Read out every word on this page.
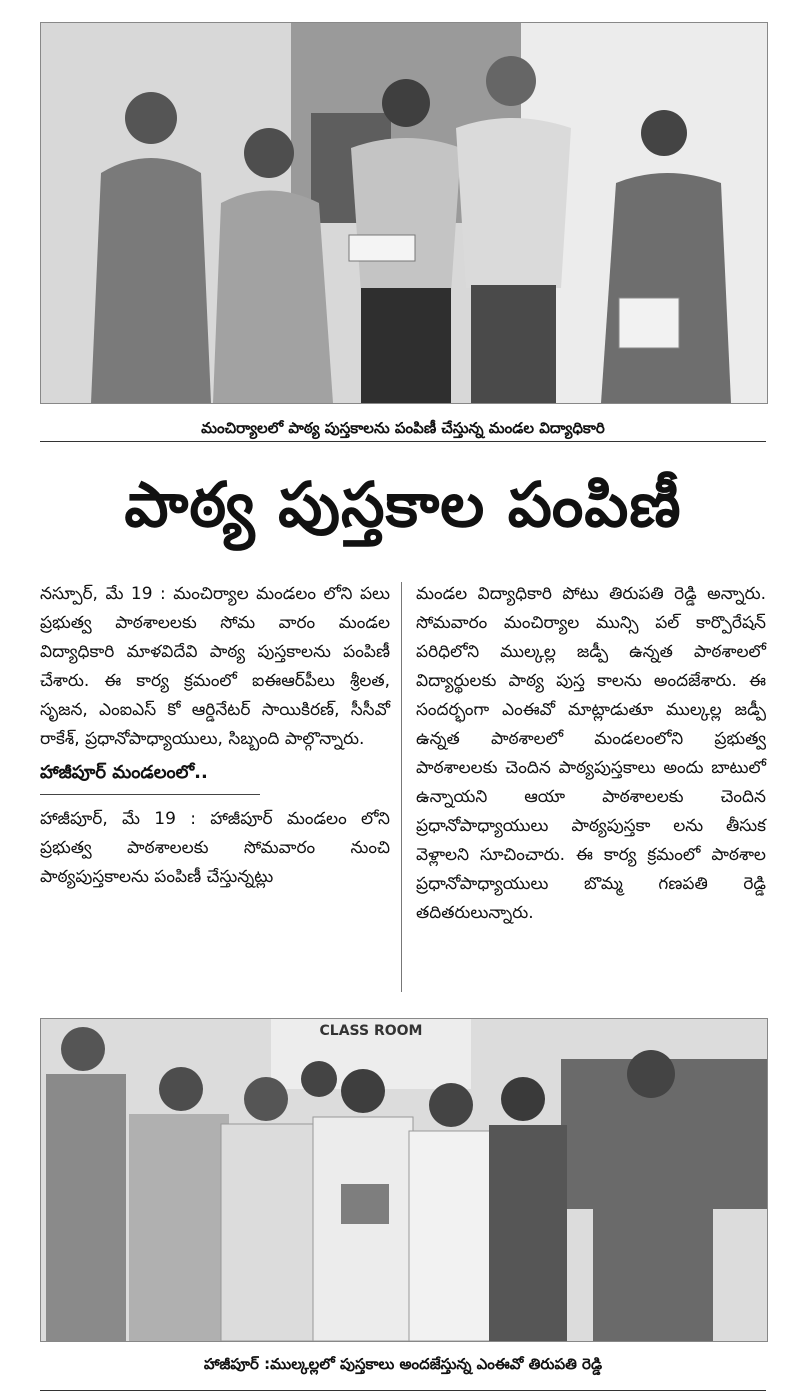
మంచిర్యాలలో పాఠ్య పుస్తకాలను పంపిణీ చేస్తున్న మండల విద్యాధికారి
పాఠ్య పుస్తకాల పంపిణీ

నస్పూర్, మే 19 : మంచిర్యాల మండలం లోని పలు ప్రభుత్వ పాఠశాలలకు సోమ వారం మండల విద్యాధికారి మాళవిదేవి పాఠ్య పుస్తకాలను పంపిణీ చేశారు. ఈ కార్య క్రమంలో ఐఈఆర్‌పీలు శ్రీలత, సృజన, ఎంఐఎస్ కో ఆర్డినేటర్ సాయికిరణ్, సీసీవో రాకేశ్, ప్రధానోపాధ్యాయులు, సిబ్బంది పాల్గొన్నారు.

హాజీపూర్ మండలంలో..

హాజీపూర్, మే 19 : హాజీపూర్ మండలం లోని ప్రభుత్వ పాఠశాలలకు సోమవారం నుంచి పాఠ్యపుస్తకాలను పంపిణీ చేస్తున్నట్లు

మండల విద్యాధికారి పోటు తిరుపతి రెడ్డి అన్నారు. సోమవారం మంచిర్యాల మున్సి పల్ కార్పొరేషన్ పరిధిలోని ముల్కల్ల జడ్పీ ఉన్నత పాఠశాలలో విద్యార్థులకు పాఠ్య పుస్త కాలను అందజేశారు. ఈ సందర్భంగా ఎంఈవో మాట్లాడుతూ ముల్కల్ల జడ్పీ ఉన్నత పాఠశాలలో మండలంలోని ప్రభుత్వ పాఠశాలలకు చెందిన పాఠ్యపుస్తకాలు అందు బాటులో ఉన్నాయని ఆయా పాఠశాలలకు చెందిన ప్రధానోపాధ్యాయులు పాఠ్యపుస్తకా లను తీసుక వెళ్లాలని సూచించారు. ఈ కార్య క్రమంలో పాఠశాల ప్రధానోపాధ్యాయులు బొమ్మ గణపతి రెడ్డి తదితరులున్నారు.

CLASS ROOM
హాజీపూర్ :ముల్కల్లలో పుస్తకాలు అందజేస్తున్న ఎంఈవో తిరుపతి రెడ్డి
